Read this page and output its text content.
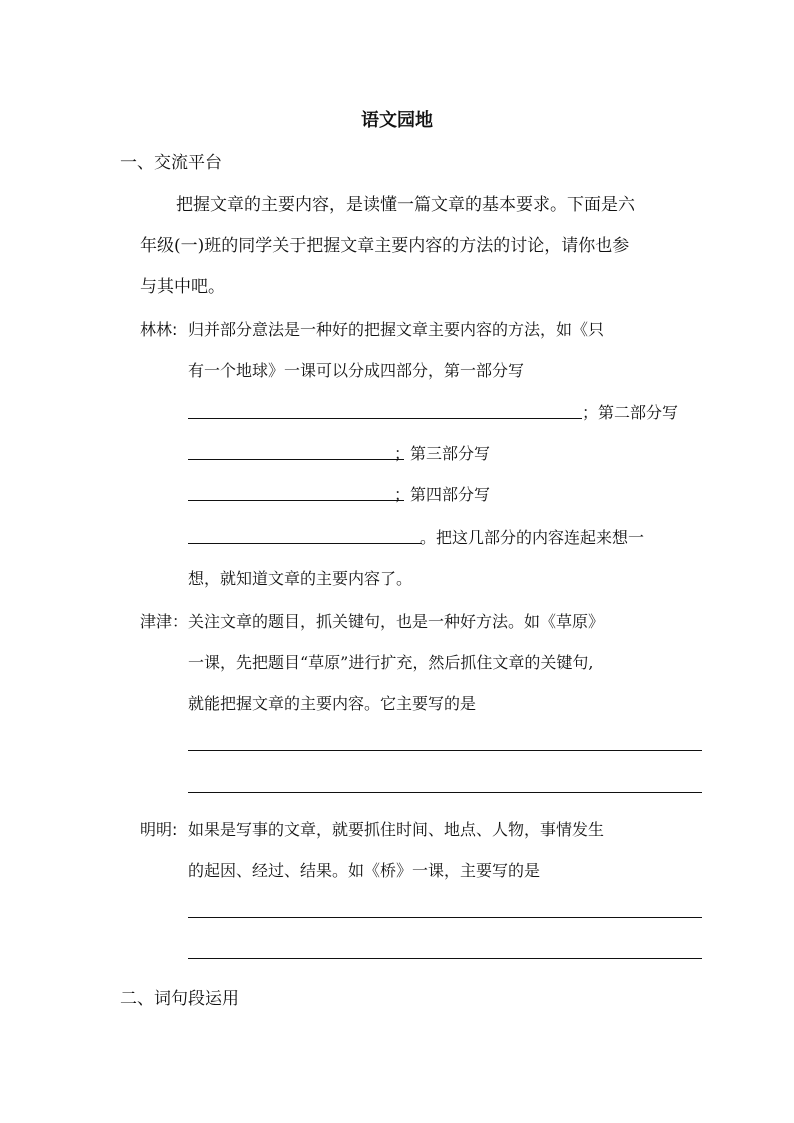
语文园地
一、交流平台
把握文章的主要内容，是读懂一篇文章的基本要求。下面是六
年级(一)班的同学关于把握文章主要内容的方法的讨论，请你也参
与其中吧。
林林: 归并部分意法是一种好的把握文章主要内容的方法，如《只
有一个地球》一课可以分成四部分，第一部分写
；第二部分写
；第三部分写
；第四部分写
。把这几部分的内容连起来想一
想，就知道文章的主要内容了。
津津： 关注文章的题目，抓关键句，也是一种好方法。如《草原》
一课，先把题目“草原”进行扩充，然后抓住文章的关键句,
就能把握文章的主要内容。它主要写的是
明明: 如果是写事的文章，就要抓住时间、地点、人物，事情发生
的起因、经过、结果。如《桥》一课，主要写的是
二、词句段运用
